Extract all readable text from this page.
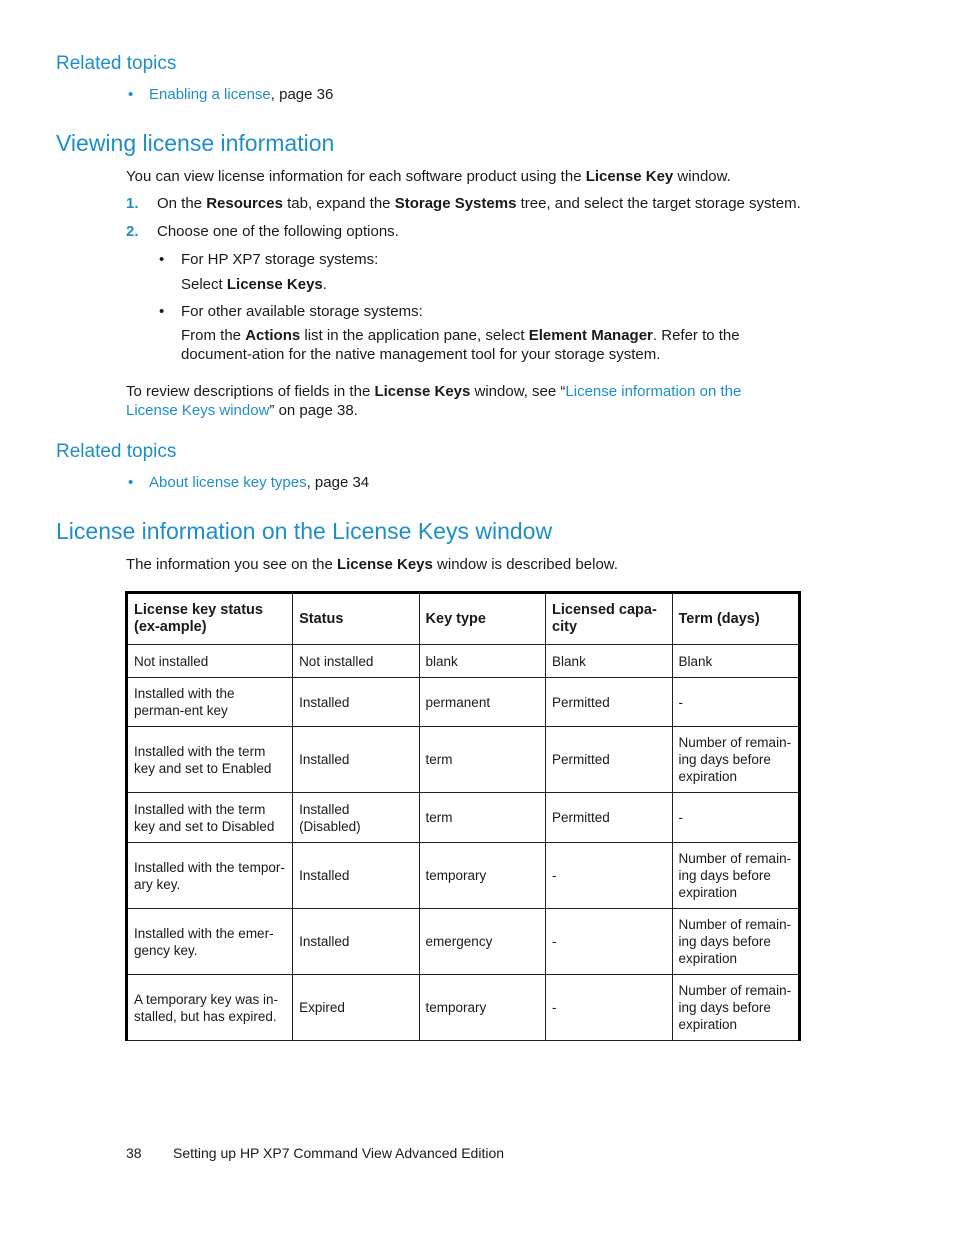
Related topics
• Enabling a license, page 36
Viewing license information

You can view license information for each software product using the License Key window.

1. On the Resources tab, expand the Storage Systems tree, and select the target storage system.
2. Choose one of the following options.
• For HP XP7 storage systems:

Select License Keys.

• For other available storage systems:

From the Actions list in the application pane, select Element Manager. Refer to the document-ation for the native management tool for your storage system.

To review descriptions of fields in the License Keys window, see “License information on the License Keys window” on page 38.

Related topics
• About license key types, page 34
License information on the License Keys window

The information you see on the License Keys window is described below.

License key status (ex-ample)	Status	Key type	Licensed capa-city	Term (days)
Not installed	Not installed	blank	Blank	Blank
Installed with the perman-ent key	Installed	permanent	Permitted	-
Installed with the term key and set to Enabled	Installed	term	Permitted	Number of remain-ing days before expiration
Installed with the term key and set to Disabled	Installed (Disabled)	term	Permitted	-
Installed with the tempor-ary key.	Installed	temporary	-	Number of remain-ing days before expiration
Installed with the emer-gency key.	Installed	emergency	-	Number of remain-ing days before expiration
A temporary key was in-stalled, but has expired.	Expired	temporary	-	Number of remain-ing days before expiration
38 Setting up HP XP7 Command View Advanced Edition
